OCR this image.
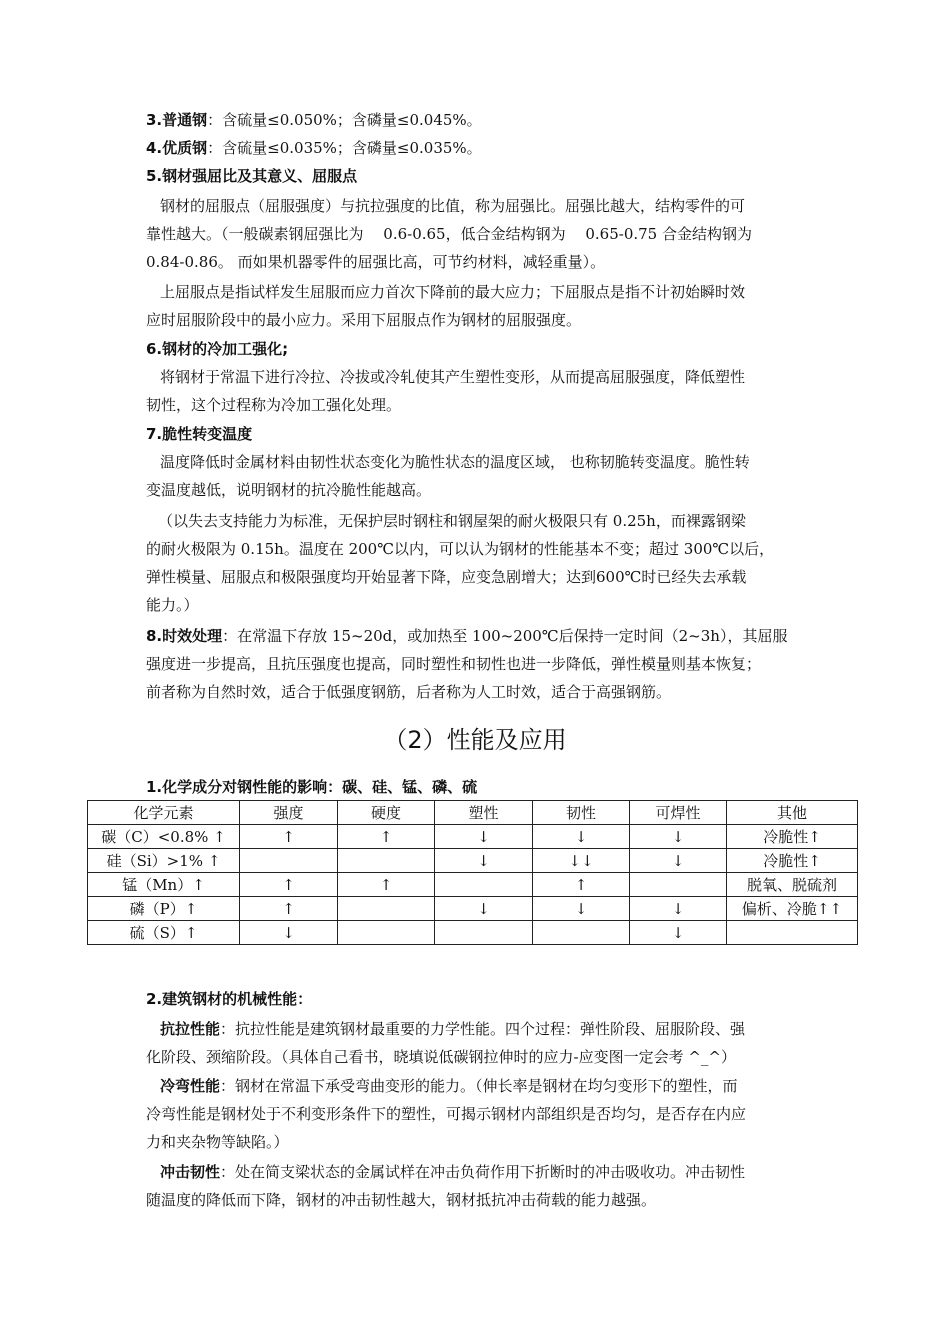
3.普通钢：含硫量≤0.050%；含磷量≤0.045%。
4.优质钢：含硫量≤0.035%；含磷量≤0.035%。
5.钢材强屈比及其意义、屈服点
钢材的屈服点（屈服强度）与抗拉强度的比值，称为屈强比。屈强比越大，结构零件的可
靠性越大。（一般碳素钢屈强比为　 0.6-0.65，低合金结构钢为　 0.65-0.75 合金结构钢为
0.84-0.86。 而如果机器零件的屈强比高，可节约材料，减轻重量）。
上屈服点是指试样发生屈服而应力首次下降前的最大应力；下屈服点是指不计初始瞬时效
应时屈服阶段中的最小应力。采用下屈服点作为钢材的屈服强度。
6.钢材的冷加工强化;
将钢材于常温下进行冷拉、冷拔或冷轧使其产生塑性变形，从而提高屈服强度，降低塑性
韧性，这个过程称为冷加工强化处理。
7.脆性转变温度
温度降低时金属材料由韧性状态变化为脆性状态的温度区域， 也称韧脆转变温度。脆性转
变温度越低，说明钢材的抗冷脆性能越高。
（以失去支持能力为标准，无保护层时钢柱和钢屋架的耐火极限只有 0.25h，而裸露钢梁
的耐火极限为 0.15h。温度在 200℃以内，可以认为钢材的性能基本不变；超过 300℃以后，
弹性模量、屈服点和极限强度均开始显著下降，应变急剧增大；达到600℃时已经失去承载
能力。）
8.时效处理：在常温下存放 15~20d，或加热至 100~200℃后保持一定时间（2~3h），其屈服
强度进一步提高，且抗压强度也提高，同时塑性和韧性也进一步降低，弹性模量则基本恢复；
前者称为自然时效，适合于低强度钢筋，后者称为人工时效，适合于高强钢筋。
（2）性能及应用
1.化学成分对钢性能的影响：碳、硅、锰、磷、硫
化学元素	强度	硬度	塑性	韧性	可焊性	其他
碳（C）<0.8% ↑	↑	↑	↓	↓	↓	冷脆性↑
硅（Si）>1% ↑			↓	↓↓	↓	冷脆性↑
锰（Mn）↑	↑	↑		↑		脱氧、脱硫剂
磷（P）↑	↑		↓	↓	↓	偏析、冷脆↑↑
硫（S）↑	↓				↓	
2.建筑钢材的机械性能：
抗拉性能：抗拉性能是建筑钢材最重要的力学性能。四个过程：弹性阶段、屈服阶段、强
化阶段、颈缩阶段。（具体自己看书，晓填说低碳钢拉伸时的应力-应变图一定会考 ^_^）
冷弯性能：钢材在常温下承受弯曲变形的能力。（伸长率是钢材在均匀变形下的塑性，而
冷弯性能是钢材处于不利变形条件下的塑性，可揭示钢材内部组织是否均匀，是否存在内应
力和夹杂物等缺陷。）
冲击韧性：处在简支梁状态的金属试样在冲击负荷作用下折断时的冲击吸收功。冲击韧性
随温度的降低而下降，钢材的冲击韧性越大，钢材抵抗冲击荷载的能力越强。
